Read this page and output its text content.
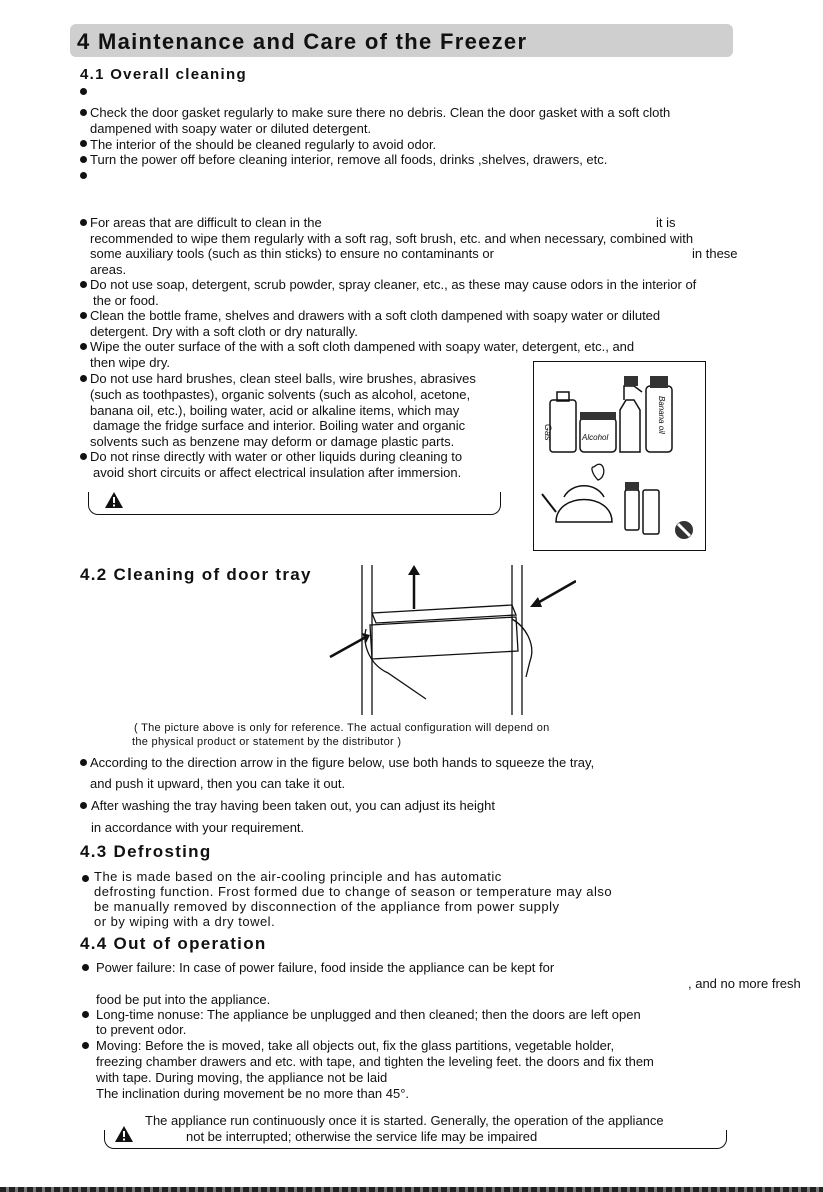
4 Maintenance and Care of the Freezer
4.1 Overall cleaning
Check the door gasket regularly to make sure there no debris. Clean the door gasket with a soft cloth
dampened with soapy water or diluted detergent.
The interior of the should be cleaned regularly to avoid odor.
Turn the power off before cleaning interior, remove all foods, drinks ,shelves, drawers, etc.
For areas that are difficult to clean in the	it is
recommended to wipe them regularly with a soft rag, soft brush, etc. and when necessary, combined with
some auxiliary tools (such as thin sticks) to ensure no contaminants or	in these
areas.
Do not use soap, detergent, scrub powder, spray cleaner, etc., as these may cause odors in the interior of
the or food.
Clean the bottle frame, shelves and drawers with a soft cloth dampened with soapy water or diluted
detergent. Dry with a soft cloth or dry naturally.
Wipe the outer surface of the with a soft cloth dampened with soapy water, detergent, etc., and
then wipe dry.
Do not use hard brushes, clean steel balls, wire brushes, abrasives
(such as toothpastes), organic solvents (such as alcohol, acetone,
banana oil, etc.), boiling water, acid or alkaline items, which may
damage the fridge surface and interior. Boiling water and organic
solvents such as benzene may deform or damage plastic parts.
Do not rinse directly with water or other liquids during cleaning to
avoid short circuits or affect electrical insulation after immersion.
Gas	Alcohol
Banana oil
4.2 Cleaning of door tray
( The picture above is only for reference. The actual configuration will depend on
the physical product or statement by the distributor )
According to the direction arrow in the figure below, use both hands to squeeze the tray,
and push it upward, then you can take it out.
After washing the tray having been taken out, you can adjust its height
in accordance with your requirement.
4.3 Defrosting
The is made based on the air-cooling principle and has automatic
defrosting function. Frost formed due to change of season or temperature may also
be manually removed by disconnection of the appliance from power supply
or by wiping with a dry towel.
4.4 Out of operation
Power failure: In case of power failure, food inside the appliance can be kept for
, and no more fresh
food be put into the appliance.
Long-time nonuse: The appliance be unplugged and then cleaned; then the doors are left open
to prevent odor.
Moving: Before the is moved, take all objects out, fix the glass partitions, vegetable holder,
freezing chamber drawers and etc. with tape, and tighten the leveling feet. the doors and fix them
with tape. During moving, the appliance not be laid
The inclination during movement be no more than 45°.
The appliance run continuously once it is started. Generally, the operation of the appliance
not be interrupted; otherwise the service life may be impaired
